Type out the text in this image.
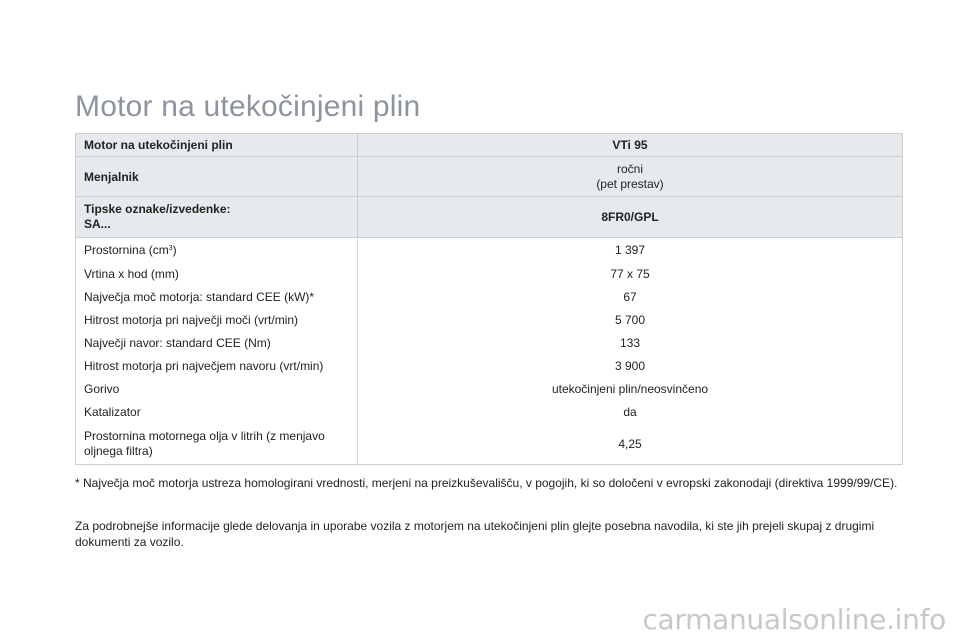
Motor na utekočinjeni plin
Motor na utekočinjeni plin	VTi 95
Menjalnik	ročni
(pet prestav)

Tipske oznake/izvedenke:
SA...	8FR0/GPL
Prostornina $(cm^3)$	1 397
Vrtina x hod (mm)	77 x 75
Največja moč motorja: standard CEE (kW)*	67
Hitrost motorja pri največji moči (vrt/min)	5 700
Največji navor: standard CEE (Nm)	133
Hitrost motorja pri največjem navoru (vrt/min)	3 900
Gorivo	utekočinjeni plin/neosvinčeno
Katalizator	da

Prostornina motornega olja v litrih (z menjavo
oljnega filtra)	4,25
* Največja moč motorja ustreza homologirani vrednosti, merjeni na preizkuševališču, v pogojih, ki so določeni v evropski zakonodaji (direktiva 1999/99/CE).
Za podrobnejše informacije glede delovanja in uporabe vozila z motorjem na utekočinjeni plin glejte posebna navodila, ki ste jih prejeli skupaj z drugimi dokumenti za vozilo.
carmanualsonline.info
